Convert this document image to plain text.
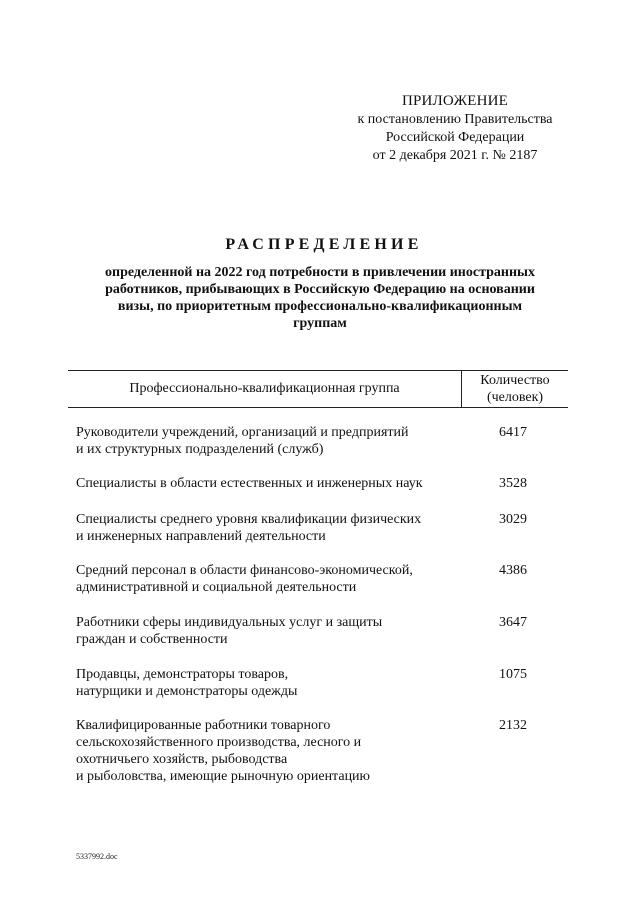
ПРИЛОЖЕНИЕ
к постановлению Правительства
Российской Федерации
от 2 декабря 2021 г. № 2187
РАСПРЕДЕЛЕНИЕ
определенной на 2022 год потребности в привлечении иностранных
работников, прибывающих в Российскую Федерацию на основании
визы, по приоритетным профессионально-квалификационным
группам
Профессионально-квалификационная группа
Количество
(человек)
Руководители учреждений, организаций и предприятий
и их структурных подразделений (служб)
6417
Специалисты в области естественных и инженерных наук	3528
Специалисты среднего уровня квалификации физических
и инженерных направлений деятельности
3029
Средний персонал в области финансово-экономической,
административной и социальной деятельности
4386
Работники сферы индивидуальных услуг и защиты
граждан и собственности
3647
Продавцы, демонстраторы товаров,
натурщики и демонстраторы одежды
1075
Квалифицированные работники товарного
сельскохозяйственного производства, лесного и
охотничьего хозяйств, рыбоводства
и рыболовства, имеющие рыночную ориентацию
2132
5337992.doc
